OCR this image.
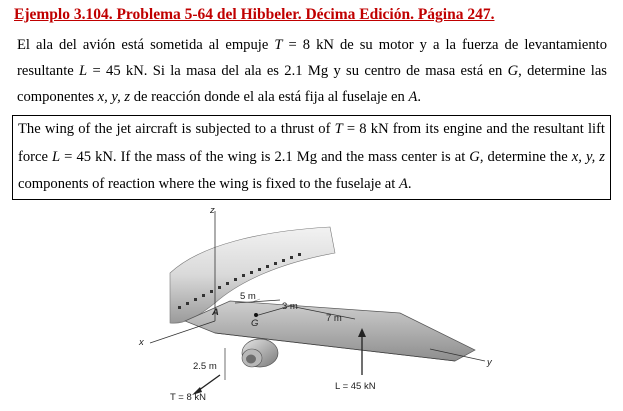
Ejemplo 3.104. Problema 5-64 del Hibbeler. Décima Edición. Página 247.
El ala del avión está sometida al empuje T = 8 kN de su motor y a la fuerza de levantamiento resultante L = 45 kN. Si la masa del ala es 2.1 Mg y su centro de masa está en G, determine las componentes x, y, z de reacción donde el ala está fija al fuselaje en A.
The wing of the jet aircraft is subjected to a thrust of T = 8 kN from its engine and the resultant lift force L = 45 kN. If the mass of the wing is 2.1 Mg and the mass center is at G, determine the x, y, z components of reaction where the wing is fixed to the fuselaje at A.
z
x
y
A
G
5 m
3 m
7 m
2.5 m
T = 8 kN
L = 45 kN
